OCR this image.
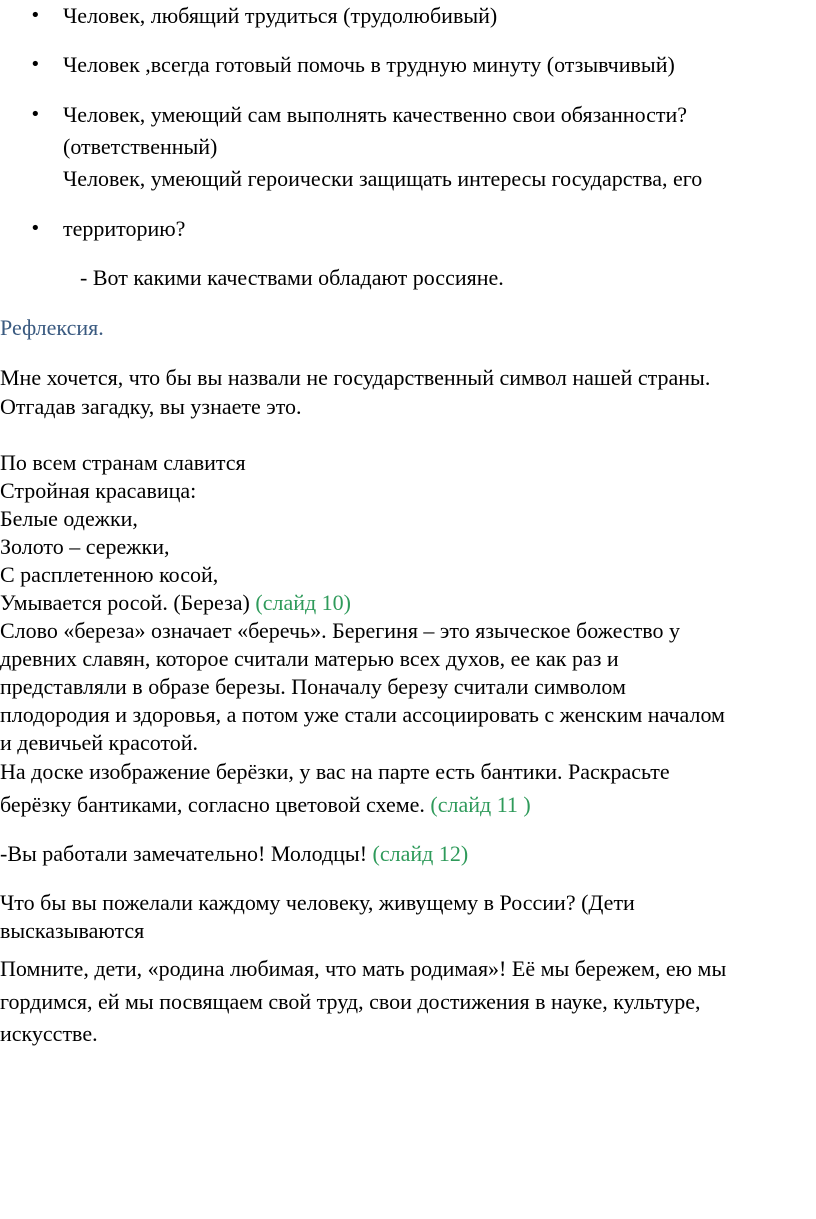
• Человек, любящий трудиться (трудолюбивый)

• Человек ,всегда готовый помочь в трудную минуту (отзывчивый)

• Человек, умеющий сам выполнять качественно свои обязанности?

(ответственный)

Человек, умеющий героически защищать интересы государства, его

• территорию?

- Вот какими качествами обладают россияне.

Рефлексия.

Мне хочется, что бы вы назвали не государственный символ нашей страны.

Отгадав загадку, вы узнаете это.

По всем странам славится

Стройная красавица:

Белые одежки,

Золото – сережки,

С расплетенною косой,

Умывается росой. (Береза) (слайд 10)

Слово «береза» означает «беречь». Берегиня – это языческое божество у

древних славян, которое считали матерью всех духов, ее как раз и

представляли в образе березы. Поначалу березу считали символом

плодородия и здоровья, а потом уже стали ассоциировать с женским началом

и девичьей красотой.

На доске изображение берёзки, у вас на парте есть бантики. Раскрасьте

берёзку бантиками, согласно цветовой схеме. (слайд 11 )

-Вы работали замечательно! Молодцы! (слайд 12)

Что бы вы пожелали каждому человеку, живущему в России? (Дети

высказываются

Помните, дети, «родина любимая, что мать родимая»! Её мы бережем, ею мы

гордимся, ей мы посвящаем свой труд, свои достижения в науке, культуре,

искусстве.
